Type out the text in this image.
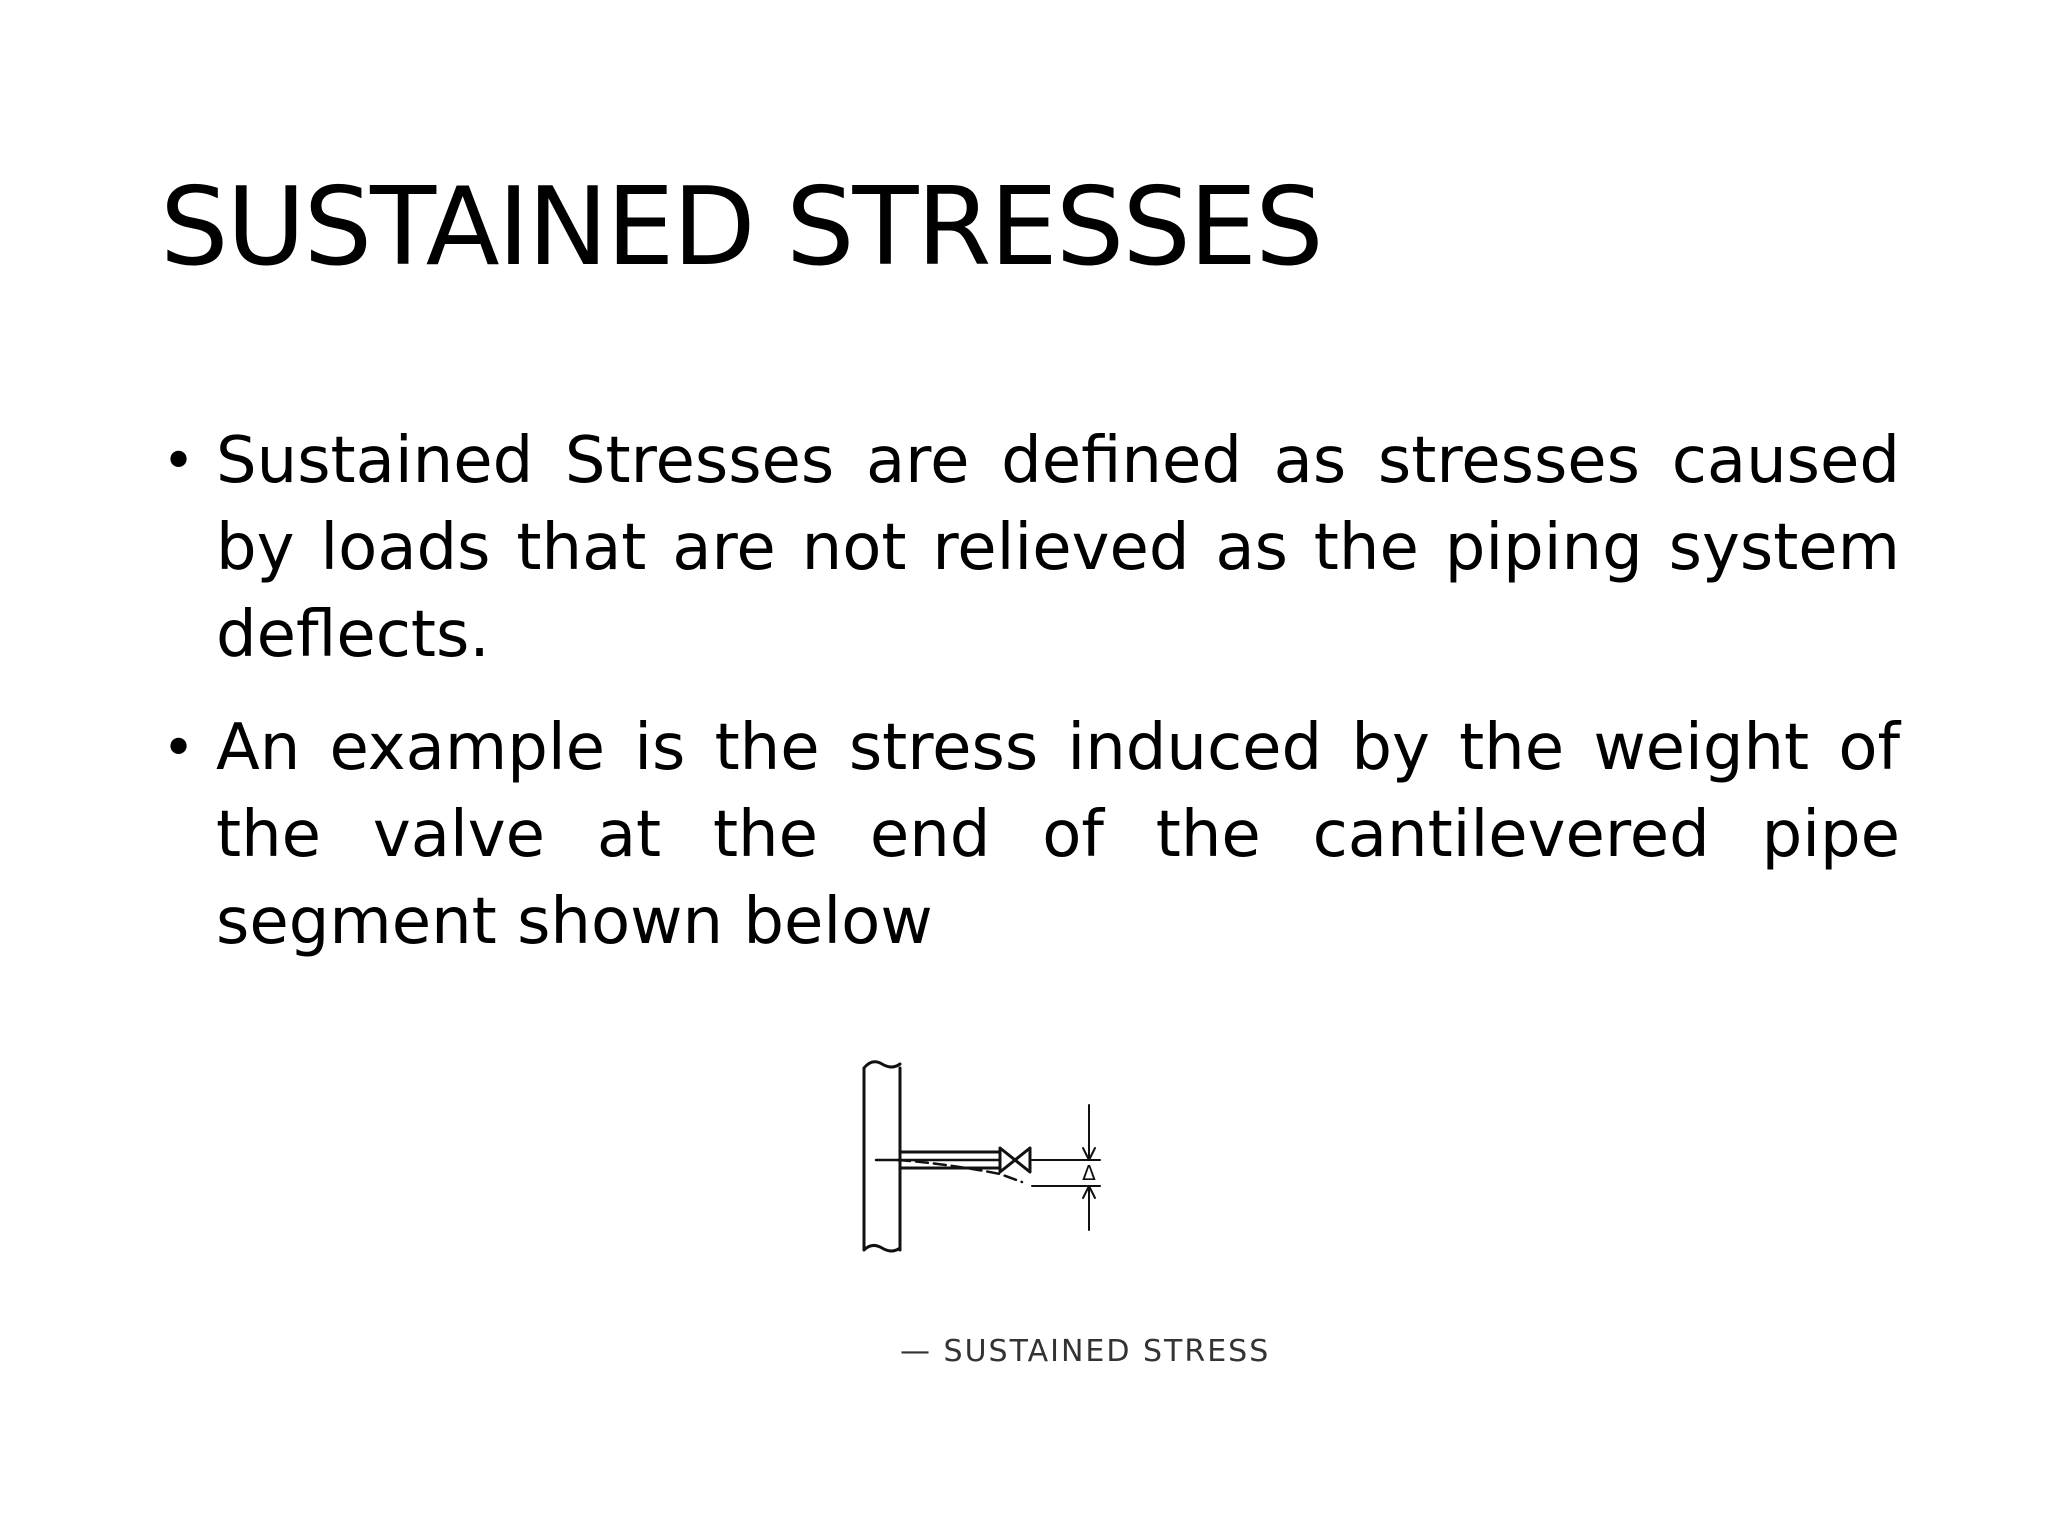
SUSTAINED STRESSES
• Sustained Stresses are defined as stresses caused by loads that are not relieved as the piping system deflects.
• An example is the stress induced by the weight of the valve at the end of the cantilevered pipe segment shown below
Δ
— SUSTAINED STRESS
